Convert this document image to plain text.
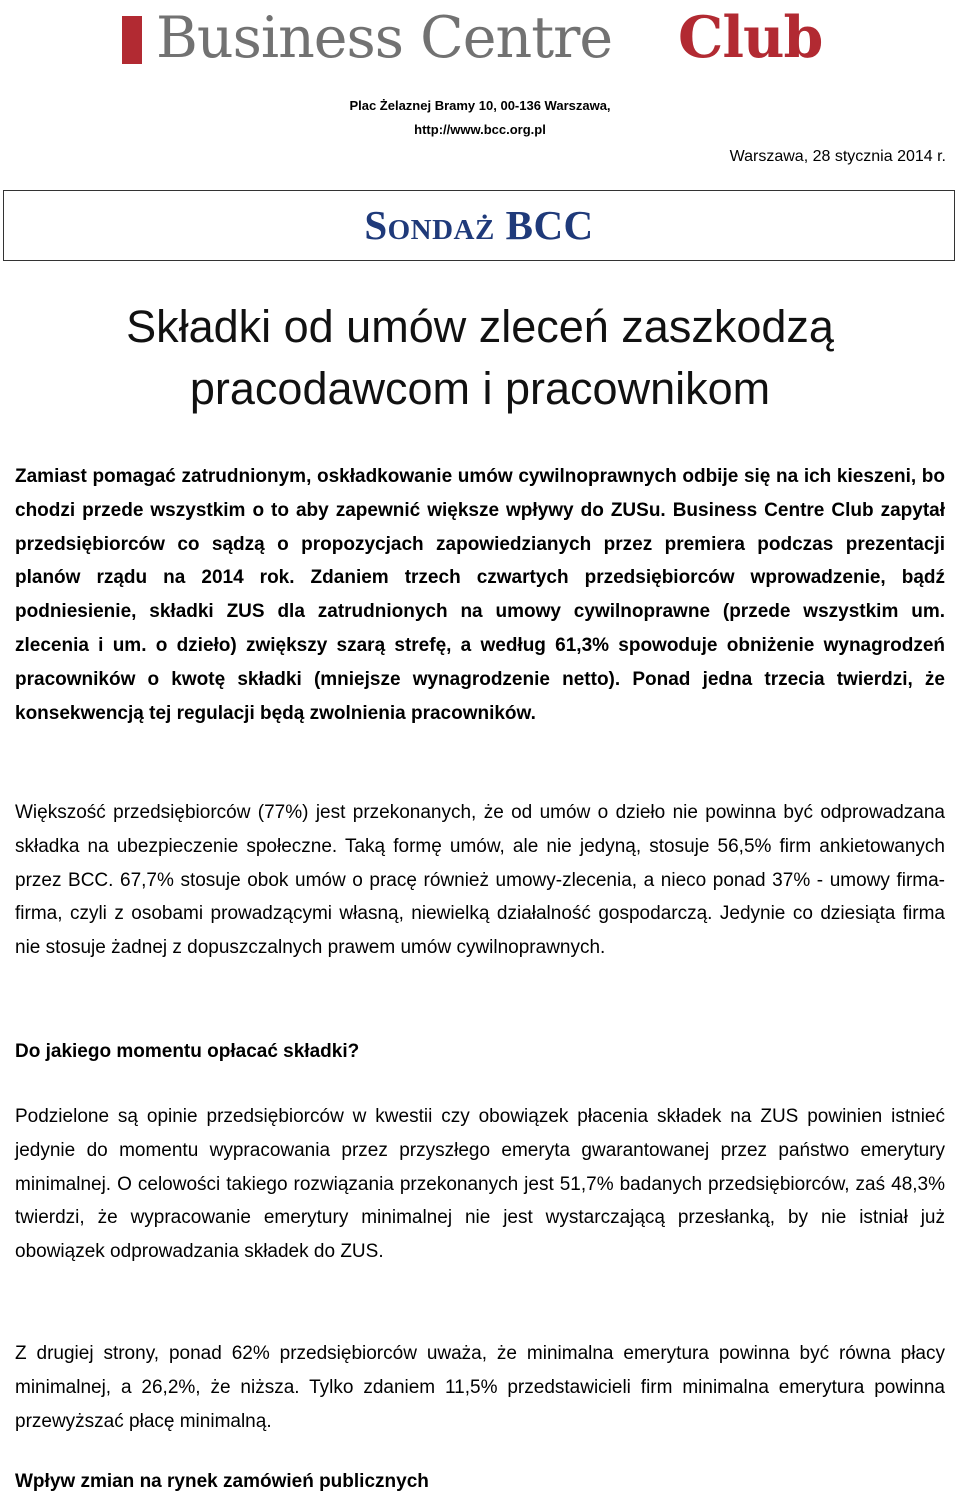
Business Centre Club
Plac Żelaznej Bramy 10, 00-136 Warszawa,
http://www.bcc.org.pl
Warszawa, 28 stycznia 2014 r.
Sondaż BCC
Składki od umów zleceń zaszkodzą
pracodawcom i pracownikom

Zamiast pomagać zatrudnionym, oskładkowanie umów cywilnoprawnych odbije się na ich kieszeni, bo chodzi przede wszystkim o to aby zapewnić większe wpływy do ZUSu. Business Centre Club zapytał przedsiębiorców co sądzą o propozycjach zapowiedzianych przez premiera podczas prezentacji planów rządu na 2014 rok. Zdaniem trzech czwartych przedsiębiorców wprowadzenie, bądź podniesienie, składki ZUS dla zatrudnionych na umowy cywilnoprawne (przede wszystkim um. zlecenia i um. o dzieło) zwiększy szarą strefę, a według 61,3% spowoduje obniżenie wynagrodzeń pracowników o kwotę składki (mniejsze wynagrodzenie netto). Ponad jedna trzecia twierdzi, że konsekwencją tej regulacji będą zwolnienia pracowników.

Większość przedsiębiorców (77%) jest przekonanych, że od umów o dzieło nie powinna być odprowadzana składka na ubezpieczenie społeczne. Taką formę umów, ale nie jedyną, stosuje 56,5% firm ankietowanych przez BCC. 67,7% stosuje obok umów o pracę również umowy-zlecenia, a nieco ponad 37% - umowy firma-firma, czyli z osobami prowadzącymi własną, niewielką działalność gospodarczą. Jedynie co dziesiąta firma nie stosuje żadnej z dopuszczalnych prawem umów cywilnoprawnych.

Do jakiego momentu opłacać składki?

Podzielone są opinie przedsiębiorców w kwestii czy obowiązek płacenia składek na ZUS powinien istnieć jedynie do momentu wypracowania przez przyszłego emeryta gwarantowanej przez państwo emerytury minimalnej. O celowości takiego rozwiązania przekonanych jest 51,7% badanych przedsiębiorców, zaś 48,3% twierdzi, że wypracowanie emerytury minimalnej nie jest wystarczającą przesłanką, by nie istniał już obowiązek odprowadzania składek do ZUS.

Z drugiej strony, ponad 62% przedsiębiorców uważa, że minimalna emerytura powinna być równa płacy minimalnej, a 26,2%, że niższa. Tylko zdaniem 11,5% przedstawicieli firm minimalna emerytura powinna przewyższać płacę minimalną.

Wpływ zmian na rynek zamówień publicznych
